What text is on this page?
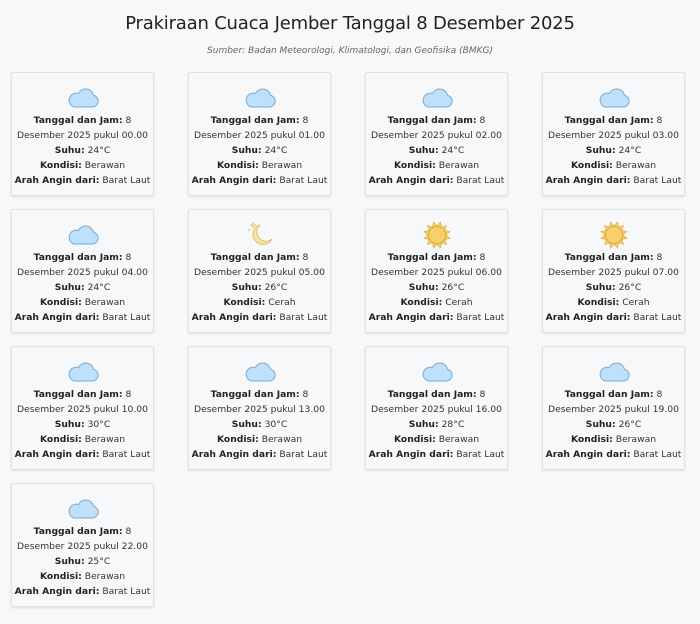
Prakiraan Cuaca Jember Tanggal 8 Desember 2025
Sumber: Badan Meteorologi, Klimatologi, dan Geofisika (BMKG)
Tanggal dan Jam: 8
Desember 2025 pukul 00.00
Suhu: 24°C
Kondisi: Berawan
Arah Angin dari: Barat Laut
Tanggal dan Jam: 8
Desember 2025 pukul 01.00
Suhu: 24°C
Kondisi: Berawan
Arah Angin dari: Barat Laut
Tanggal dan Jam: 8
Desember 2025 pukul 02.00
Suhu: 24°C
Kondisi: Berawan
Arah Angin dari: Barat Laut
Tanggal dan Jam: 8
Desember 2025 pukul 03.00
Suhu: 24°C
Kondisi: Berawan
Arah Angin dari: Barat Laut
Tanggal dan Jam: 8
Desember 2025 pukul 04.00
Suhu: 24°C
Kondisi: Berawan
Arah Angin dari: Barat Laut
Tanggal dan Jam: 8
Desember 2025 pukul 05.00
Suhu: 26°C
Kondisi: Cerah
Arah Angin dari: Barat Laut
Tanggal dan Jam: 8
Desember 2025 pukul 06.00
Suhu: 26°C
Kondisi: Cerah
Arah Angin dari: Barat Laut
Tanggal dan Jam: 8
Desember 2025 pukul 07.00
Suhu: 26°C
Kondisi: Cerah
Arah Angin dari: Barat Laut
Tanggal dan Jam: 8
Desember 2025 pukul 10.00
Suhu: 30°C
Kondisi: Berawan
Arah Angin dari: Barat Laut
Tanggal dan Jam: 8
Desember 2025 pukul 13.00
Suhu: 30°C
Kondisi: Berawan
Arah Angin dari: Barat Laut
Tanggal dan Jam: 8
Desember 2025 pukul 16.00
Suhu: 28°C
Kondisi: Berawan
Arah Angin dari: Barat Laut
Tanggal dan Jam: 8
Desember 2025 pukul 19.00
Suhu: 26°C
Kondisi: Berawan
Arah Angin dari: Barat Laut
Tanggal dan Jam: 8
Desember 2025 pukul 22.00
Suhu: 25°C
Kondisi: Berawan
Arah Angin dari: Barat Laut
